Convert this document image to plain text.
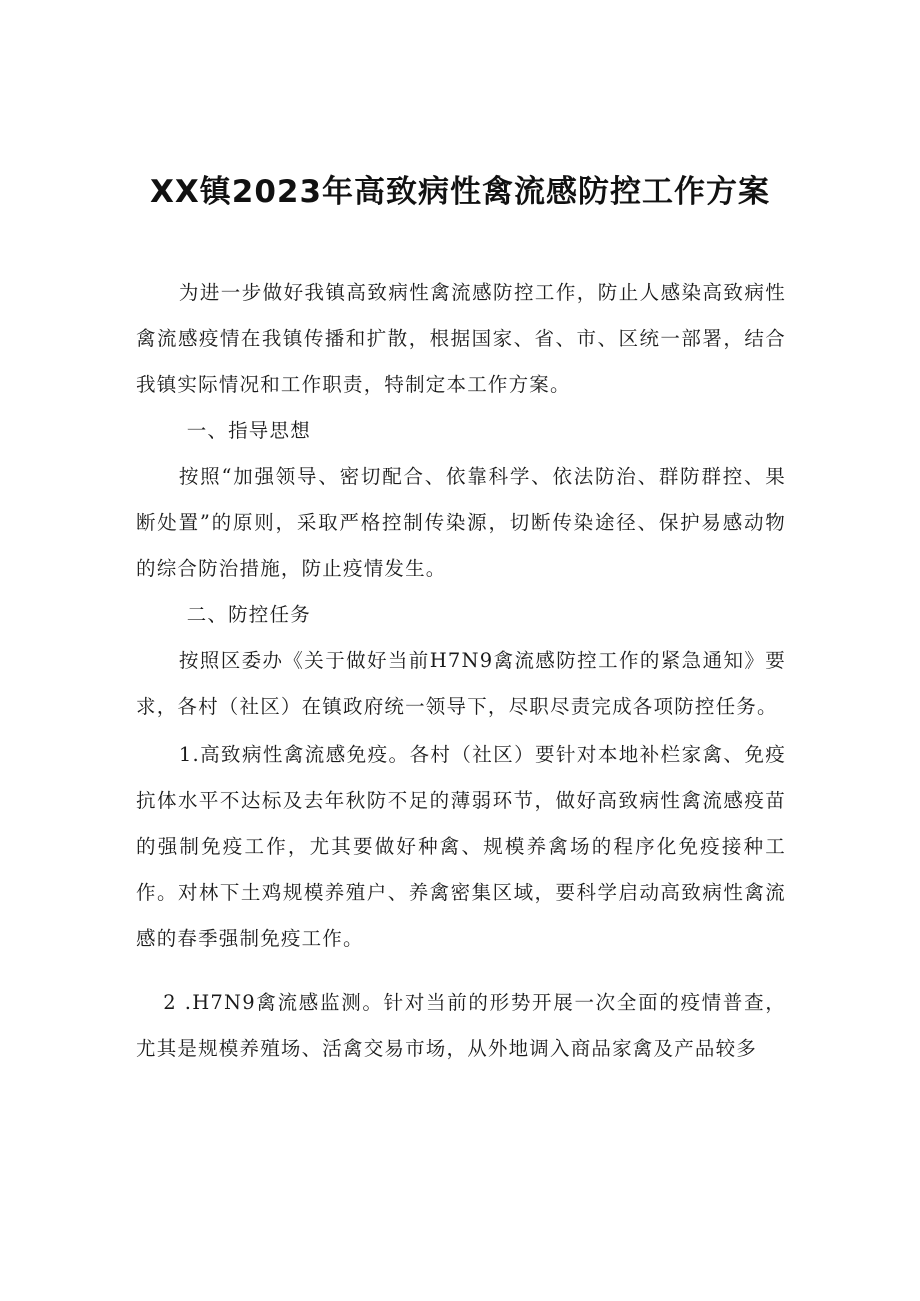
XX镇2023年高致病性禽流感防控工作方案

为进一步做好我镇高致病性禽流感防控工作，防止人感染高致病性禽流感疫情在我镇传播和扩散，根据国家、省、市、区统一部署，结合我镇实际情况和工作职责，特制定本工作方案。

一、指导思想

按照“加强领导、密切配合、依靠科学、依法防治、群防群控、果断处置”的原则，采取严格控制传染源，切断传染途径、保护易感动物的综合防治措施，防止疫情发生。

二、防控任务

按照区委办《关于做好当前H7N9禽流感防控工作的紧急通知》要求，各村（社区）在镇政府统一领导下，尽职尽责完成各项防控任务。

1.高致病性禽流感免疫。各村（社区）要针对本地补栏家禽、免疫抗体水平不达标及去年秋防不足的薄弱环节，做好高致病性禽流感疫苗的强制免疫工作，尤其要做好种禽、规模养禽场的程序化免疫接种工作。对林下土鸡规模养殖户、养禽密集区域，要科学启动高致病性禽流感的春季强制免疫工作。

2 .H7N9禽流感监测。针对当前的形势开展一次全面的疫情普查，尤其是规模养殖场、活禽交易市场，从外地调入商品家禽及产品较多
